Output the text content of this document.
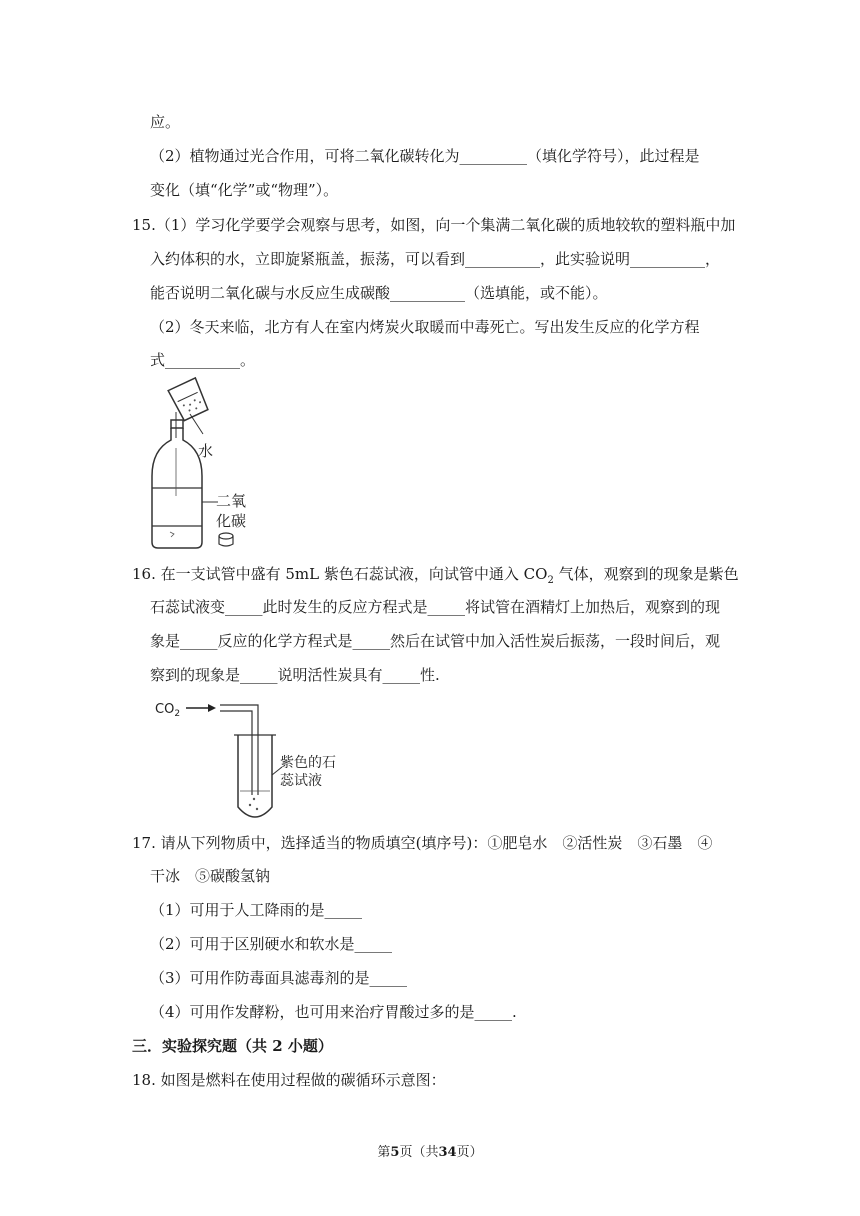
应。
（2）植物通过光合作用，可将二氧化碳转化为_________（填化学符号），此过程是
变化（填“化学”或“物理”）。
15.（1）学习化学要学会观察与思考，如图，向一个集满二氧化碳的质地较软的塑料瓶中加
入约体积的水，立即旋紧瓶盖，振荡，可以看到__________，此实验说明__________，
能否说明二氧化碳与水反应生成碳酸__________（选填能，或不能）。
（2）冬天来临，北方有人在室内烤炭火取暖而中毒死亡。写出发生反应的化学方程
式__________。
水
二氧
化碳
16. 在一支试管中盛有 5mL 紫色石蕊试液，向试管中通入 $CO_2$ 气体，观察到的现象是紫色
石蕊试液变_____此时发生的反应方程式是_____将试管在酒精灯上加热后，观察到的现
象是_____反应的化学方程式是_____然后在试管中加入活性炭后振荡，一段时间后，观
察到的现象是_____说明活性炭具有_____性.
$CO_2$
紫色的石
蕊试液
17. 请从下列物质中，选择适当的物质填空(填序号)：①肥皂水　②活性炭　③石墨　④
干冰　⑤碳酸氢钠
（1）可用于人工降雨的是_____
（2）可用于区别硬水和软水是_____
（3）可用作防毒面具滤毒剂的是_____
（4）可用作发酵粉，也可用来治疗胃酸过多的是_____.
三．实验探究题（共 2 小题）
18. 如图是燃料在使用过程做的碳循环示意图：
第5页（共34页）
